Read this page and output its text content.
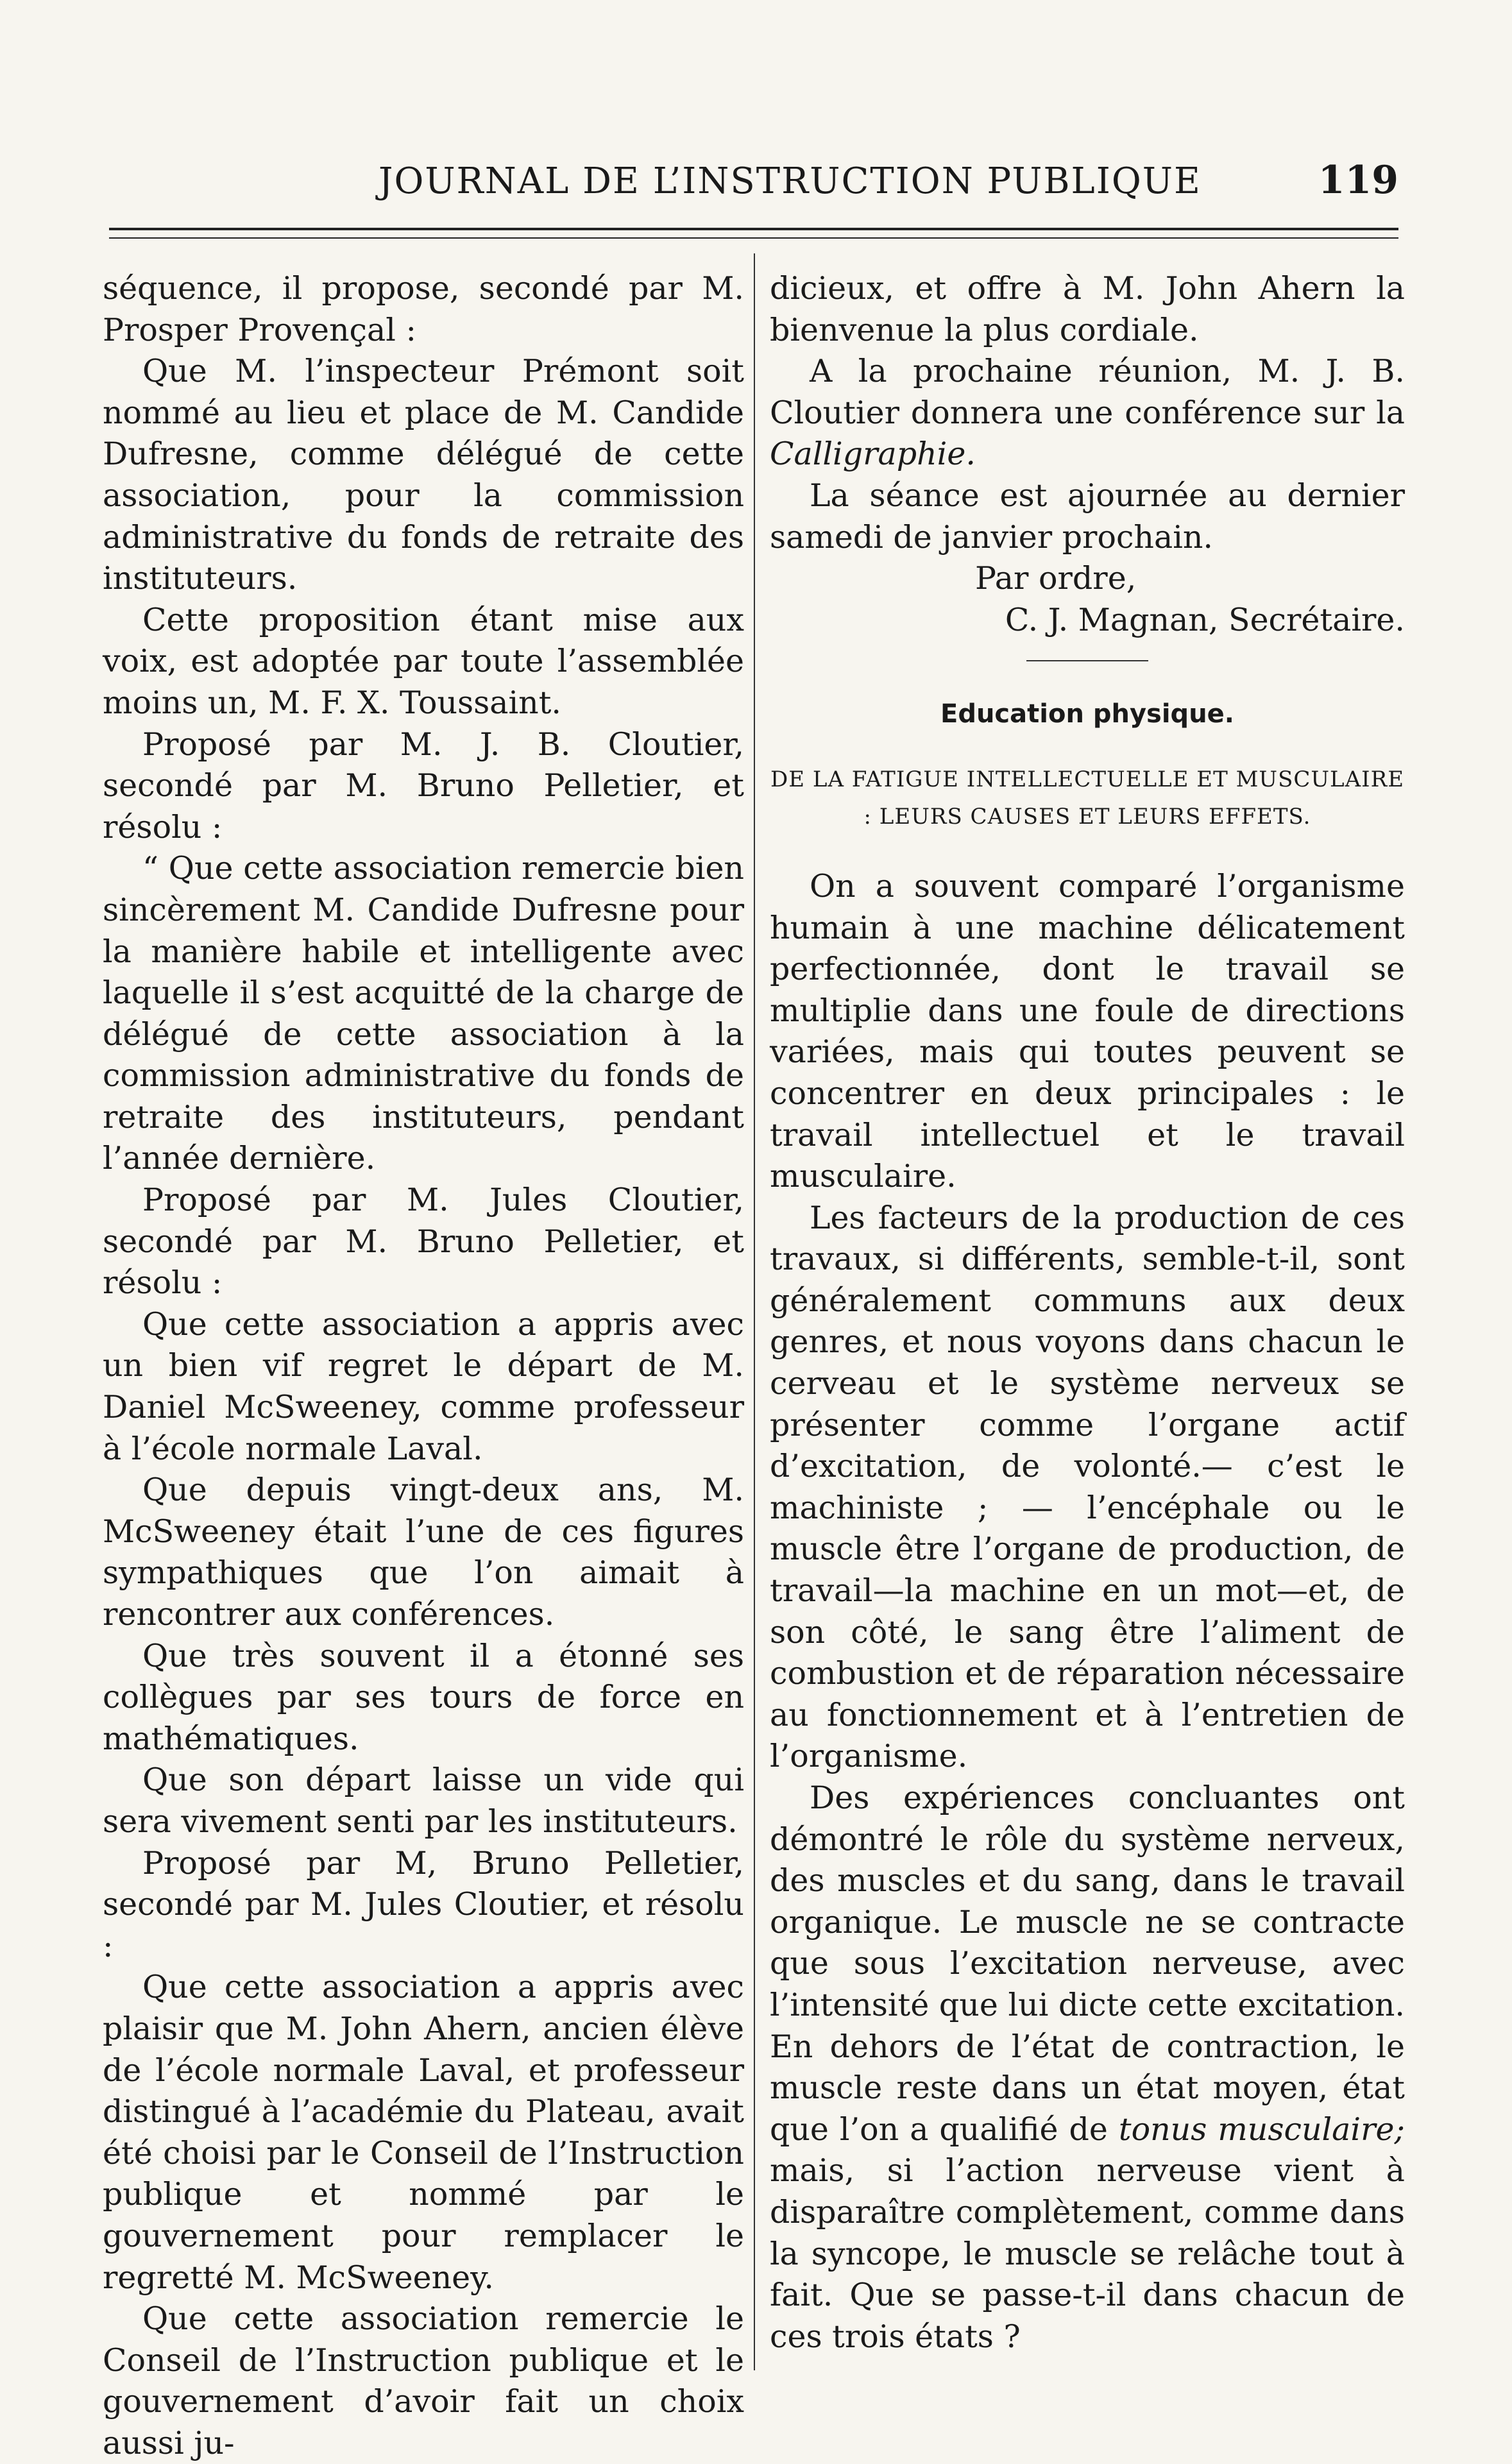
JOURNAL DE L’INSTRUCTION PUBLIQUE	119

séquence, il propose, secondé par M. Prosper Provençal :

Que M. l’inspecteur Prémont soit nommé au lieu et place de M. Candide Dufresne, comme délégué de cette association, pour la commission administrative du fonds de retraite des instituteurs.

Cette proposition étant mise aux voix, est adoptée par toute l’assemblée moins un, M. F. X. Toussaint.

Proposé par M. J. B. Cloutier, secondé par M. Bruno Pelletier, et résolu :

“ Que cette association remercie bien sincèrement M. Candide Dufresne pour la manière habile et intelligente avec laquelle il s’est acquitté de la charge de délégué de cette association à la commission administrative du fonds de retraite des instituteurs, pendant l’année dernière.

Proposé par M. Jules Cloutier, secondé par M. Bruno Pelletier, et résolu :

Que cette association a appris avec un bien vif regret le départ de M. Daniel McSweeney, comme professeur à l’école normale Laval.

Que depuis vingt-deux ans, M. McSweeney était l’une de ces figures sympathiques que l’on aimait à rencontrer aux conférences.

Que très souvent il a étonné ses collègues par ses tours de force en mathématiques.

Que son départ laisse un vide qui sera vivement senti par les instituteurs.

Proposé par M, Bruno Pelletier, secondé par M. Jules Cloutier, et résolu :

Que cette association a appris avec plaisir que M. John Ahern, ancien élève de l’école normale Laval, et professeur distingué à l’académie du Plateau, avait été choisi par le Conseil de l’Instruction publique et nommé par le gouvernement pour remplacer le regretté M. McSweeney.

Que cette association remercie le Conseil de l’Instruction publique et le gouvernement d’avoir fait un choix aussi ju-

dicieux, et offre à M. John Ahern la bienvenue la plus cordiale.

A la prochaine réunion, M. J. B. Cloutier donnera une conférence sur la Calligraphie.

La séance est ajournée au dernier samedi de janvier prochain.

Par ordre,

C. J. Magnan, Secrétaire.

Education physique.
DE LA FATIGUE INTELLECTUELLE ET MUSCULAIRE : LEURS CAUSES ET LEURS EFFETS.

On a souvent comparé l’organisme humain à une machine délicatement perfectionnée, dont le travail se multiplie dans une foule de directions variées, mais qui toutes peuvent se concentrer en deux principales : le travail intellectuel et le travail musculaire.

Les facteurs de la production de ces travaux, si différents, semble-t-il, sont généralement communs aux deux genres, et nous voyons dans chacun le cerveau et le système nerveux se présenter comme l’organe actif d’excitation, de volonté.— c’est le machiniste ; — l’encéphale ou le muscle être l’organe de production, de travail—la machine en un mot—et, de son côté, le sang être l’aliment de combustion et de réparation nécessaire au fonctionnement et à l’entretien de l’organisme.

Des expériences concluantes ont démontré le rôle du système nerveux, des muscles et du sang, dans le travail organique. Le muscle ne se contracte que sous l’excitation nerveuse, avec l’intensité que lui dicte cette excitation. En dehors de l’état de contraction, le muscle reste dans un état moyen, état que l’on a qualifié de tonus musculaire; mais, si l’action nerveuse vient à disparaître complètement, comme dans la syncope, le muscle se relâche tout à fait. Que se passe-t-il dans chacun de ces trois états ?
